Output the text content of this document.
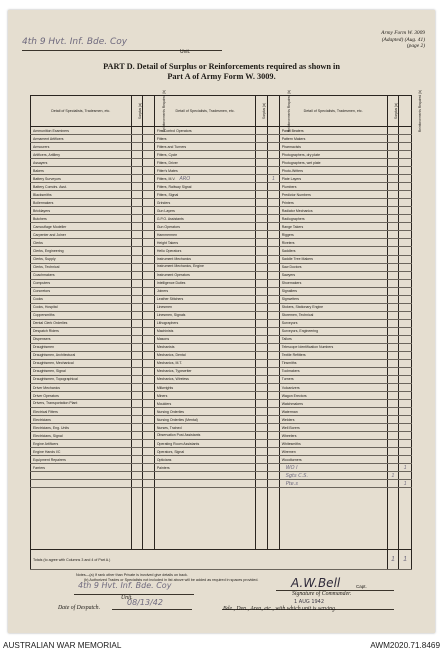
4th 9 Hvt. Inf. Bde. Coy
Unit.
Army Form W. 3009
(Adapted) (Aug. 41)
(page 2)
PART D. Detail of Surplus or Reinforcements required as shown in
Part A of Army Form W. 3009.
Detail of Specialists, Tradesmen, etc.	Surplus (a)	Reinforcements Required (b)	Detail of Specialists, Tradesmen, etc.	Surplus (a)	Reinforcements Required (b)	Detail of Specialists, Tradesmen, etc.	Surplus (a)	Reinforcements Required (b)
Ammunition Examiners			Fire Control Operators			Panel Beaters		
Armament Artificers			Fitters			Pattern Makers		
Armourers			Fitters and Turners			Pharmacists		
Artificers, Artillery			Fitters, Cycle			Photographers, dry plate		
Assayers			Fitters, Driver			Photographers, wet plate		
Bakers			Fitter's Mates			Photo-Writers		
Battery Surveyors			Fitters, M.V. ARO		1	Plate Layers		
Battery Comdrs. Asst.			Fitters, Railway Signal			Plumbers		
Blacksmiths			Fitters, Signal			Predictor Numbers		
Boilermakers			Grinders			Printers		
Bricklayers			Gun Layers			Radiator Mechanics		
Butchers			G.P.O. Assistants			Radiographers		
Camouflage Modeller			Gun Operators			Range Takers		
Carpenter and Joiner			Hammermen			Riggers		
Clerks			Height Takers			Riveters		
Clerks, Engineering			Helio Operators			Saddlers		
Clerks, Supply			Instrument Mechanics			Saddle Tree Makers		
Clerks, Technical			Instrument Mechanics, Engine			Saw Doctors		
Coachmakers			Instrument Operators			Sawyers		
Computers			Intelligence Duties			Shoemakers		
Concretors			Joiners			Signallers		
Cooks			Leather Stitchers			Signwriters		
Cooks, Hospital			Linesmen			Stokers, Stationary Engine		
Coppersmiths			Linesmen, Signals			Storemen, Technical		
Dental Clerk Orderlies			Lithographers			Surveyors		
Despatch Riders			Machinists			Surveyors, Engineering		
Dispensers			Masons			Tailors		
Draughtsmen			Mechanists			Telescope Identification Numbers		
Draughtsmen, Architectural			Mechanics, Dental			Textile Refitters		
Draughtsmen, Mechanical			Mechanics, M.T.			Tinsmiths		
Draughtsmen, Signal			Mechanics, Typewriter			Toolmakers		
Draughtsmen, Topographical			Mechanics, Wireless			Turners		
Driver Mechanics			Millwrights			Vulcanizers		
Driver Operators			Miners			Wagon Erectors		
Drivers, Transportation Plant			Moulders			Watchmakers		
Electrical Fitters			Nursing Orderlies			Waterman		
Electricians			Nursing Orderlies (Mental)			Welders		
Electricians, Eng. Units			Nurses, Trained			Well Borers		
Electricians, Signal			Observation Post Assistants			Wheelers		
Engine Artificers			Operating Room Assistants			Whitesmiths		
Engine Hands I/C			Operators, Signal			Wiremen		
Equipment Repairers			Opticians			Woodturners		
Farriers			Painters			WO I		1
						Sgts C.S.	1	
						Pte.s		1

Totals (to agree with Columns 3 and 4 of Part A.)							1	1
Notes—(a) If rank other than Private is involved give details on back.
(b) Authorized Trades or Specialists not included in list above will be added as required in spaces provided.
4th 9 Hvt. Inf. Bde. Coy
Unit.
A.W.Bell	Capt.
Signature of Commander.
1 AUG 1942
Date of Despatch.
08/13/42
Bde., Dvn., Area, etc., with which unit is serving.
AUSTRALIAN WAR MEMORIAL	AWM2020.71.8469
